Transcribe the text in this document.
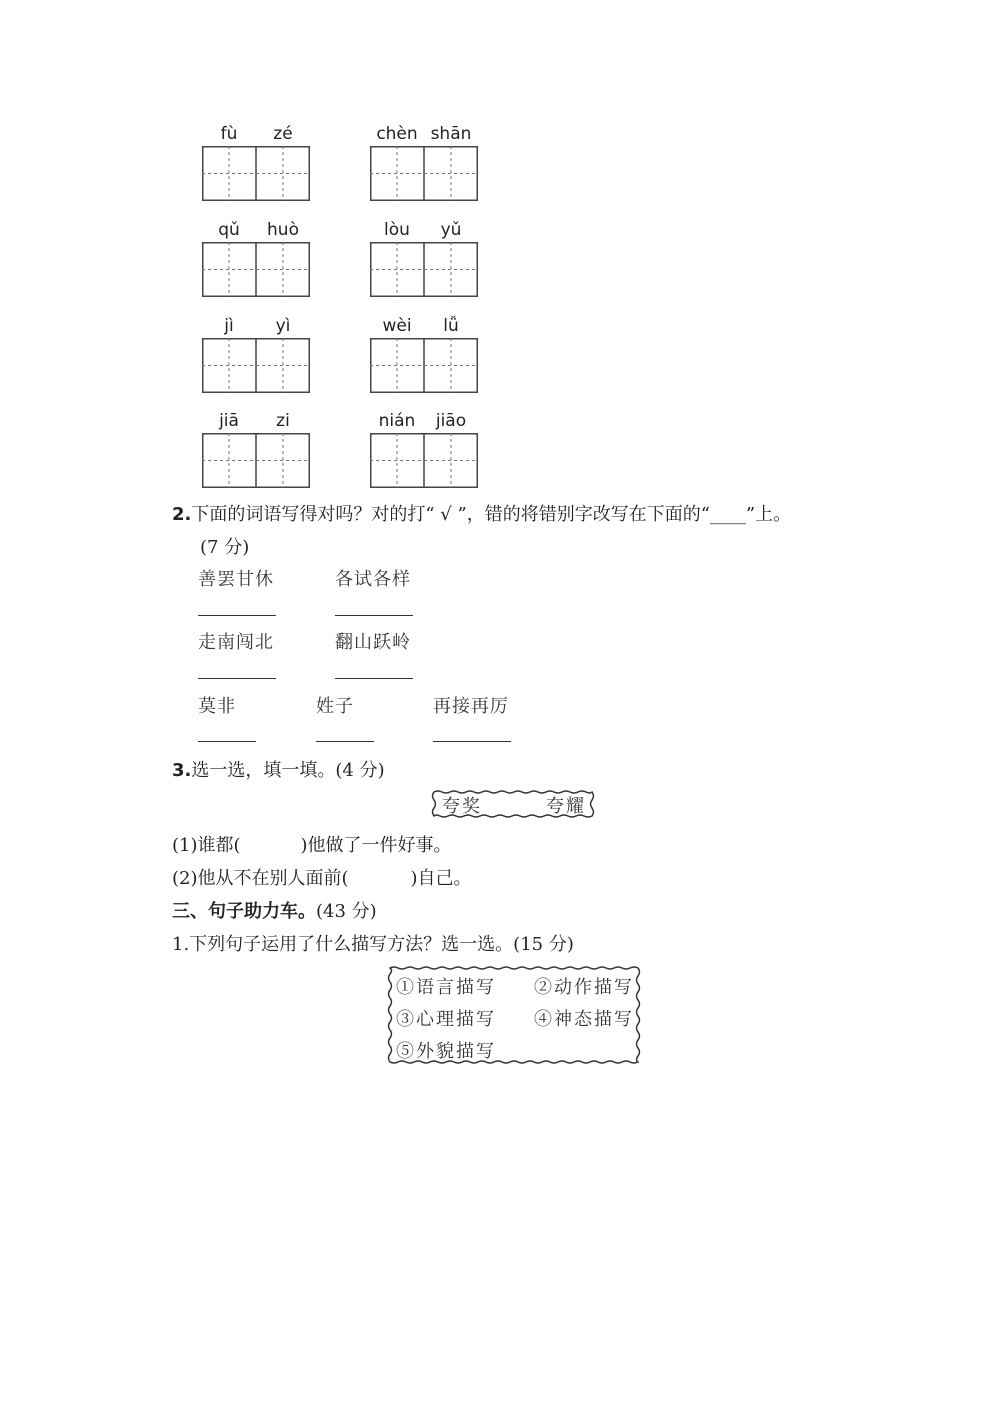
fù	zé	chèn shān
qǔ	huò	lòu	yǔ
jì	yì	wèi	lǚ
jiā	zi	nián	jiāo
2.下面的词语写得对吗？对的打“ √ ”，错的将错别字改写在下面的“____”上。
(7 分)
善罢甘休	各试各样
走南闯北	翻山跃岭
莫非	姓子	再接再厉
3.选一选，填一填。(4 分)
夸奖	夸耀
(1)谁都(	)他做了一件好事。
(2)他从不在别人面前(	)自己。
三、句子助力车。(43 分)
1.下列句子运用了什么描写方法？选一选。(15 分)
①语言描写 ②动作描写
③心理描写 ④神态描写
⑤外貌描写
